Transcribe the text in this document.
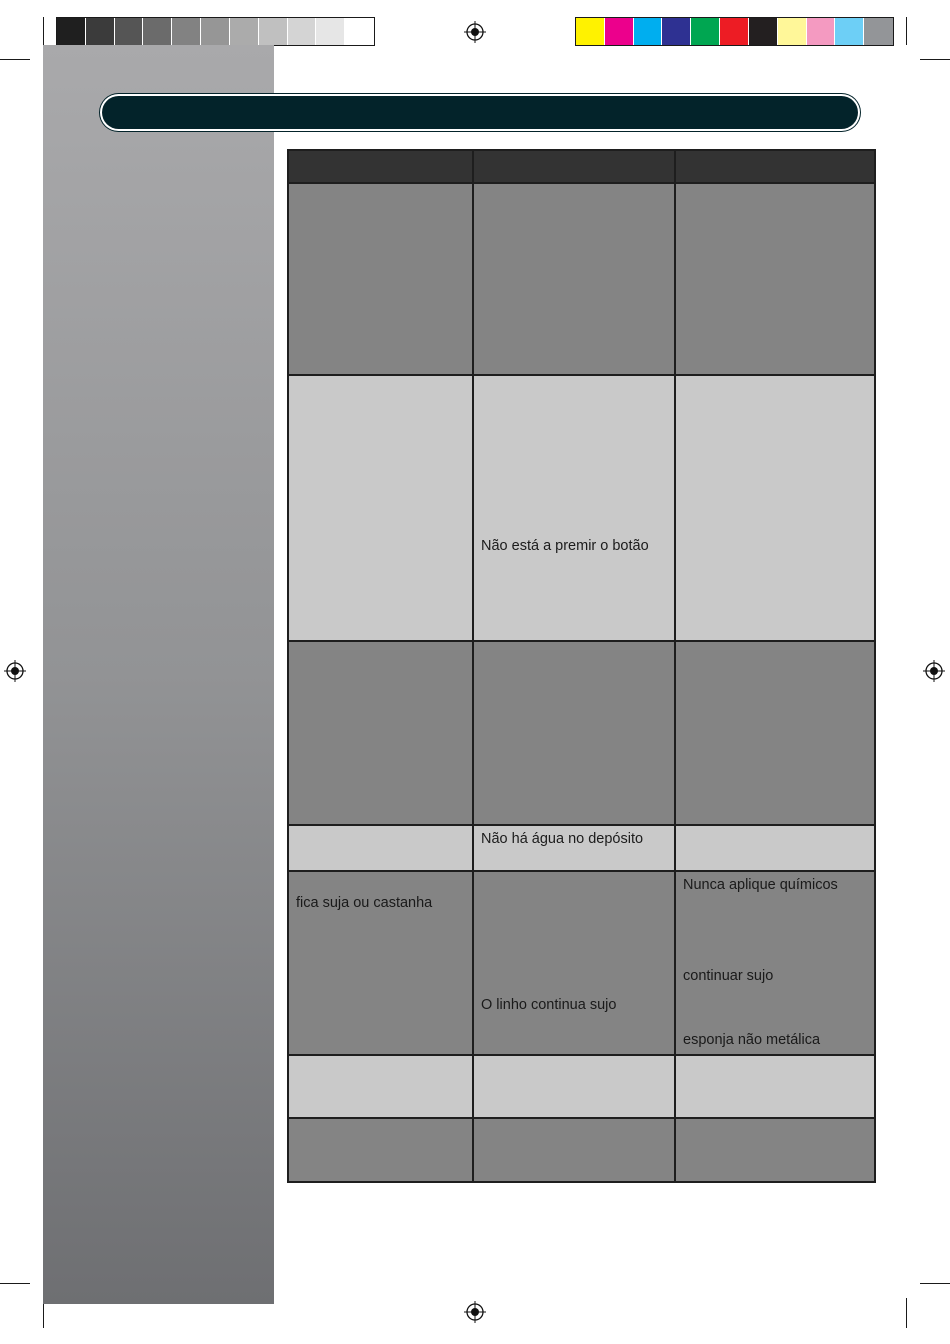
	Não está a premir o botão	

	Não há água no depósito	

fica suja ou castanha	O linho continua sujo	Nunca aplique químicos
continuar sujo
esponja não metálica
